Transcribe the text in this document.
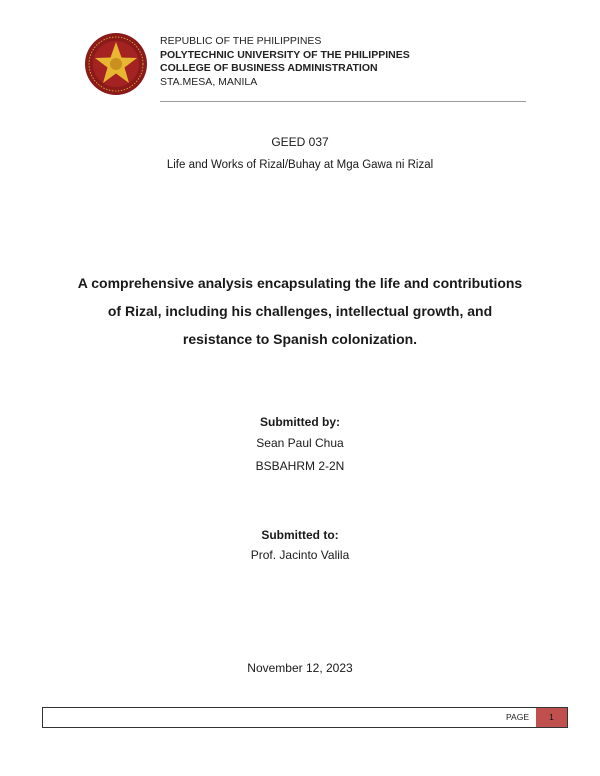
REPUBLIC OF THE PHILIPPINES
POLYTECHNIC UNIVERSITY OF THE PHILIPPINES
COLLEGE OF BUSINESS ADMINISTRATION
STA.MESA, MANILA
GEED 037
Life and Works of Rizal/Buhay at Mga Gawa ni Rizal
A comprehensive analysis encapsulating the life and contributions
of Rizal, including his challenges, intellectual growth, and
resistance to Spanish colonization.
Submitted by:
Sean Paul Chua
BSBAHRM 2-2N
Submitted to:
Prof. Jacinto Valila
November 12, 2023
PAGE	1
